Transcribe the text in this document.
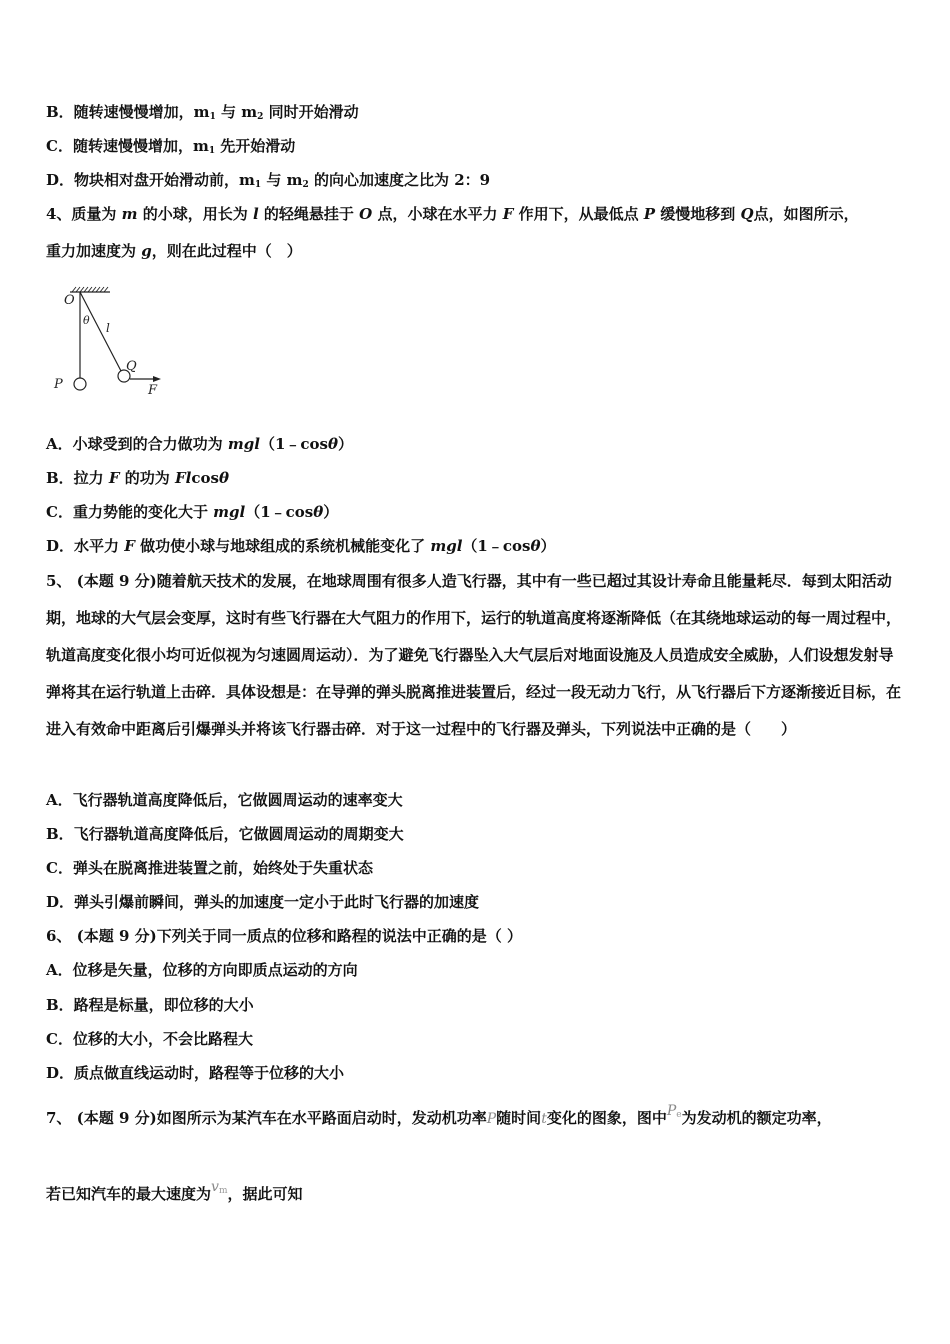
B．随转速慢慢增加，$m_1$ 与 $m_2$ 同时开始滑动
C．随转速慢慢增加，$m_1$ 先开始滑动
D．物块相对盘开始滑动前，$m_1$ 与 $m_2$ 的向心加速度之比为 2：9
4、质量为 m 的小球，用长为 l 的轻绳悬挂于 O 点，小球在水平力 F 作用下，从最低点 P 缓慢地移到 Q点，如图所示，
重力加速度为 g，则在此过程中（　）
O
θ
l
Q
P	F
A．小球受到的合力做功为 mgl（1﹣cosθ）
B．拉力 F 的功为 Flcosθ
C．重力势能的变化大于 mgl（1﹣cosθ）
D．水平力 F 做功使小球与地球组成的系统机械能变化了 mgl（1﹣cosθ）
5、 (本题 9 分)随着航天技术的发展，在地球周围有很多人造飞行器，其中有一些已超过其设计寿命且能量耗尽．每到太阳活动期，地球的大气层会变厚，这时有些飞行器在大气阻力的作用下，运行的轨道高度将逐渐降低（在其绕地球运动的每一周过程中，轨道高度变化很小均可近似视为匀速圆周运动）．为了避免飞行器坠入大气层后对地面设施及人员造成安全威胁，人们设想发射导弹将其在运行轨道上击碎．具体设想是：在导弹的弹头脱离推进装置后，经过一段无动力飞行，从飞行器后下方逐渐接近目标，在进入有效命中距离后引爆弹头并将该飞行器击碎．对于这一过程中的飞行器及弹头，下列说法中正确的是（　　）
A．飞行器轨道高度降低后，它做圆周运动的速率变大
B．飞行器轨道高度降低后，它做圆周运动的周期变大
C．弹头在脱离推进装置之前，始终处于失重状态
D．弹头引爆前瞬间，弹头的加速度一定小于此时飞行器的加速度
6、 (本题 9 分)下列关于同一质点的位移和路程的说法中正确的是（ ）
A．位移是矢量，位移的方向即质点运动的方向
B．路程是标量，即位移的大小
C．位移的大小，不会比路程大
D．质点做直线运动时，路程等于位移的大小
7、 (本题 9 分)如图所示为某汽车在水平路面启动时，发动机功率P随时间t变化的图象，图中$P_e$为发动机的额定功率，
若已知汽车的最大速度为$v_m$，据此可知
